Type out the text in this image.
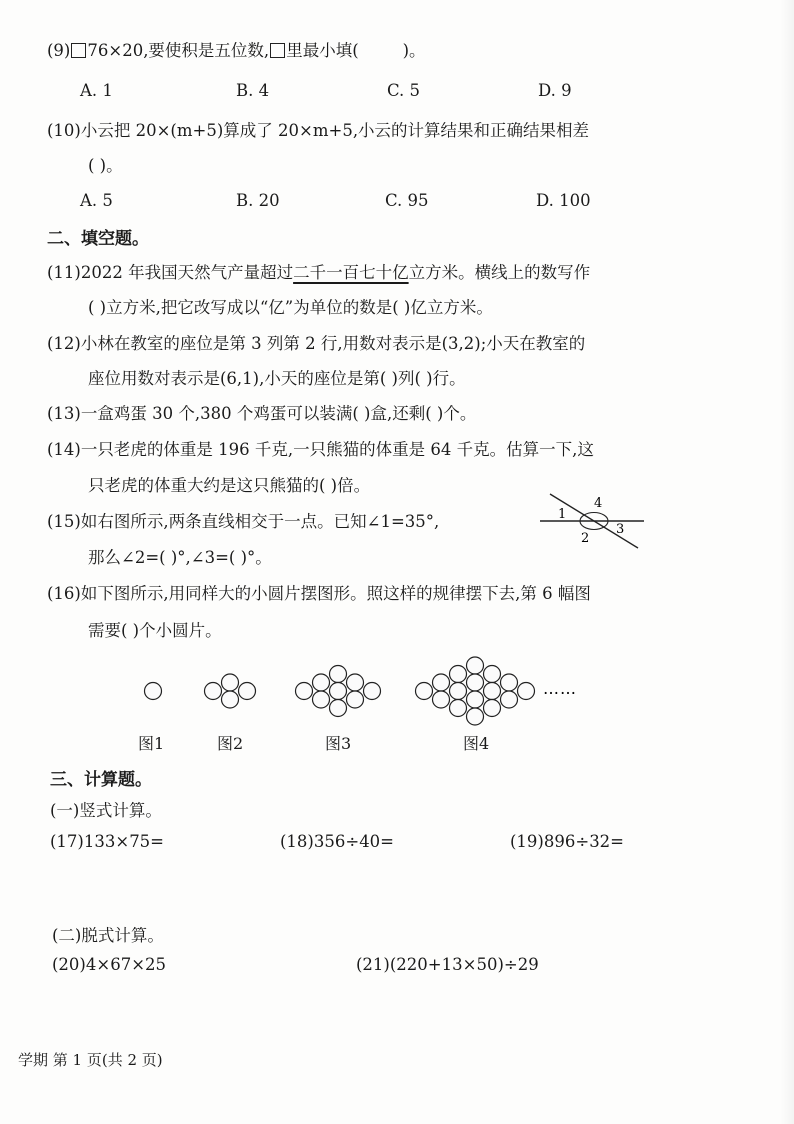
(9) 76×20,要使积是五位数, 里最小填(	)。
A. 1	B. 4	C. 5	D. 9
(10)小云把 20×(m+5)算成了 20×m+5,小云的计算结果和正确结果相差
( )。
A. 5	B. 20	C. 95	D. 100
二、填空题。
(11)2022 年我国天然气产量超过二千一百七十亿立方米。横线上的数写作
( )立方米,把它改写成以“亿”为单位的数是( )亿立方米。
(12)小林在教室的座位是第 3 列第 2 行,用数对表示是(3,2);小天在教室的
座位用数对表示是(6,1),小天的座位是第( )列( )行。
(13)一盒鸡蛋 30 个,380 个鸡蛋可以装满( )盒,还剩( )个。
(14)一只老虎的体重是 196 千克,一只熊猫的体重是 64 千克。估算一下,这
只老虎的体重大约是这只熊猫的( )倍。
(15)如右图所示,两条直线相交于一点。已知∠1=35°,
那么∠2=( )°,∠3=( )°。
1
2
3
4
(16)如下图所示,用同样大的小圆片摆图形。照这样的规律摆下去,第 6 幅图
需要( )个小圆片。
……
图1	图2	图3	图4
三、计算题。
(一)竖式计算。
(17)133×75=	(18)356÷40=	(19)896÷32=
(二)脱式计算。
(20)4×67×25	(21)(220+13×50)÷29
学期 第 1 页(共 2 页)
